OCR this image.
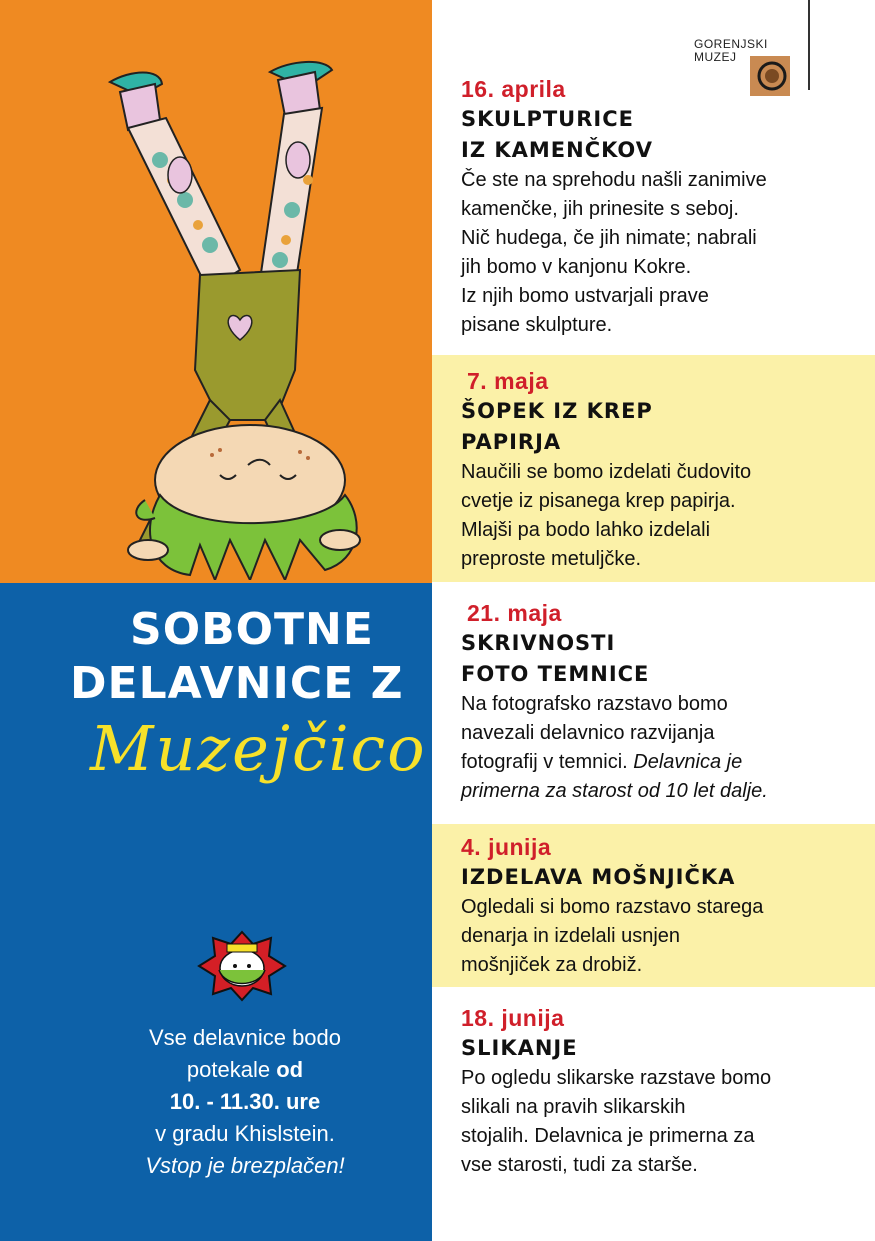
GORENJSKI
MUZEJ
SOBOTNE
DELAVNICE Z
Muzejčico
Vse delavnice bodo
potekale od
10. - 11.30. ure
v gradu Khislstein.
Vstop je brezplačen!
16. aprila
SKULPTURICE
IZ KAMENČKOV
Če ste na sprehodu našli zanimive
kamenčke, jih prinesite s seboj.
Nič hudega, če jih nimate; nabrali
jih bomo v kanjonu Kokre.
Iz njih bomo ustvarjali prave
pisane skulpture.
7. maja
ŠOPEK IZ KREP
PAPIRJA
Naučili se bomo izdelati čudovito
cvetje iz pisanega krep papirja.
Mlajši pa bodo lahko izdelali
preproste metuljčke.
21. maja
SKRIVNOSTI
FOTO TEMNICE
Na fotografsko razstavo bomo
navezali delavnico razvijanja
fotografij v temnici. Delavnica je
primerna za starost od 10 let dalje.
4. junija
IZDELAVA MOŠNJIČKA
Ogledali si bomo razstavo starega
denarja in izdelali usnjen
mošnjiček za drobiž.
18. junija
SLIKANJE
Po ogledu slikarske razstave bomo
slikali na pravih slikarskih
stojalih. Delavnica je primerna za
vse starosti, tudi za starše.
